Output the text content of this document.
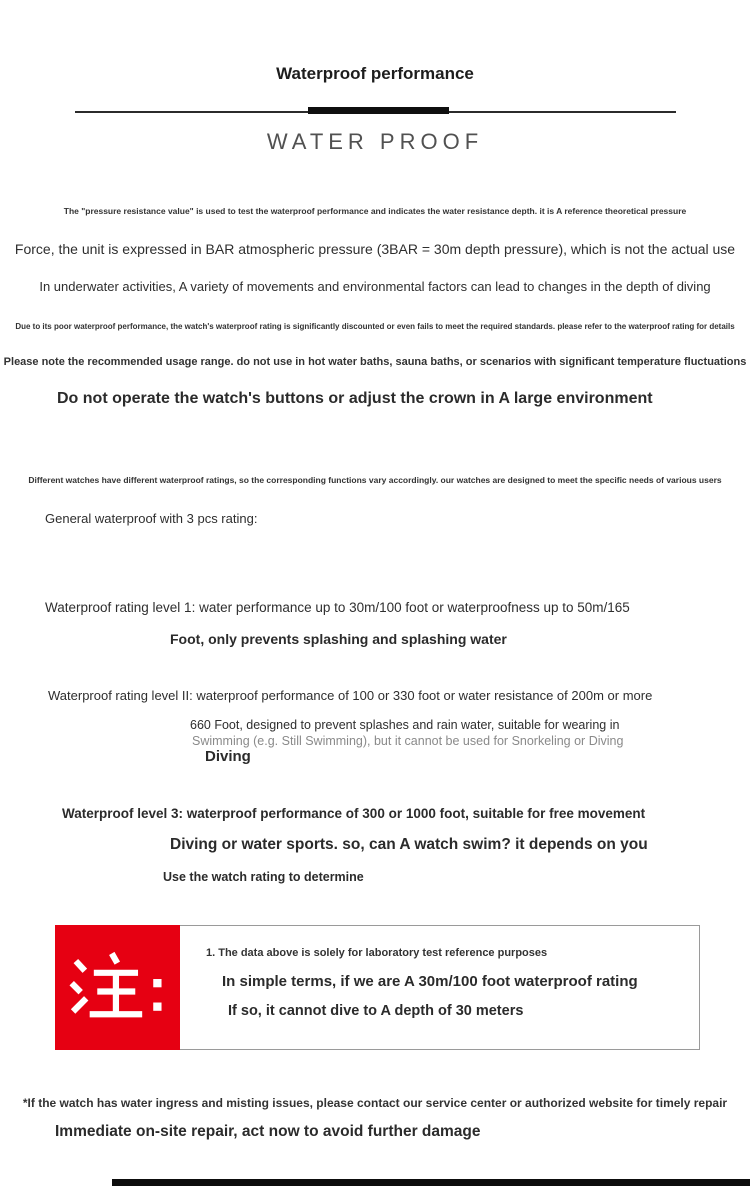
Waterproof performance
WATER PROOF

The "pressure resistance value" is used to test the waterproof performance and indicates the water resistance depth. it is A reference theoretical pressure

Force, the unit is expressed in BAR atmospheric pressure (3BAR = 30m depth pressure), which is not the actual use

In underwater activities, A variety of movements and environmental factors can lead to changes in the depth of diving

Due to its poor waterproof performance, the watch's waterproof rating is significantly discounted or even fails to meet the required standards. please refer to the waterproof rating for details

Please note the recommended usage range. do not use in hot water baths, sauna baths, or scenarios with significant temperature fluctuations

Do not operate the watch's buttons or adjust the crown in A large environment

Different watches have different waterproof ratings, so the corresponding functions vary accordingly. our watches are designed to meet the specific needs of various users

General waterproof with 3 pcs rating:

Waterproof rating level 1: water performance up to 30m/100 foot or waterproofness up to 50m/165

Foot, only prevents splashing and splashing water

Waterproof rating level II: waterproof performance of 100 or 330 foot or water resistance of 200m or more

660 Foot, designed to prevent splashes and rain water, suitable for wearing in

Swimming (e.g. Still Swimming), but it cannot be used for Snorkeling or Diving

Diving

Waterproof level 3: waterproof performance of 300 or 1000 foot, suitable for free movement

Diving or water sports. so, can A watch swim? it depends on you

Use the watch rating to determine

1. The data above is solely for laboratory test reference purposes

In simple terms, if we are A 30m/100 foot waterproof rating

If so, it cannot dive to A depth of 30 meters

*If the watch has water ingress and misting issues, please contact our service center or authorized website for timely repair

Immediate on-site repair, act now to avoid further damage
